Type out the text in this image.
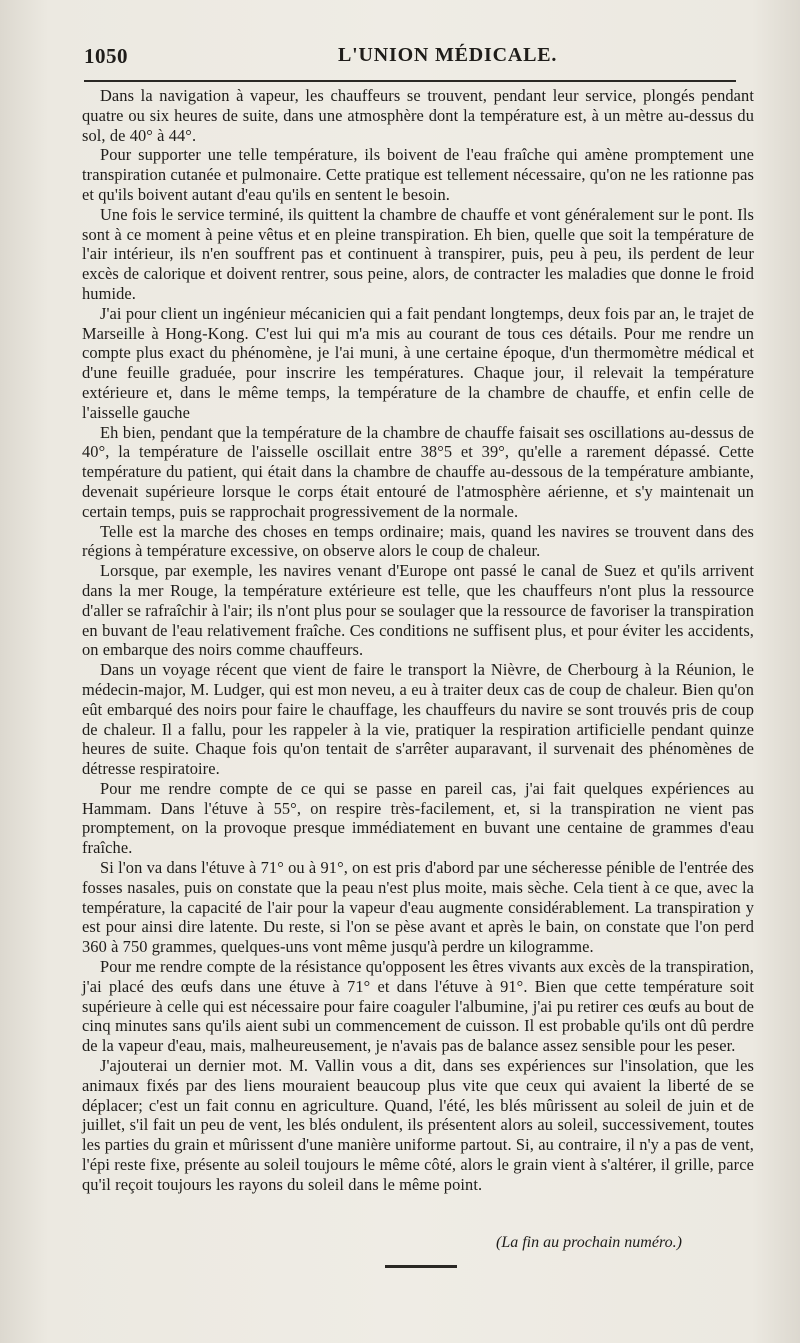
1050	L'UNION MÉDICALE.

Dans la navigation à vapeur, les chauffeurs se trouvent, pendant leur service, plongés pendant quatre ou six heures de suite, dans une atmosphère dont la température est, à un mètre au-dessus du sol, de 40° à 44°.

Pour supporter une telle température, ils boivent de l'eau fraîche qui amène promptement une transpiration cutanée et pulmonaire. Cette pratique est tellement nécessaire, qu'on ne les rationne pas et qu'ils boivent autant d'eau qu'ils en sentent le besoin.

Une fois le service terminé, ils quittent la chambre de chauffe et vont généralement sur le pont. Ils sont à ce moment à peine vêtus et en pleine transpiration. Eh bien, quelle que soit la température de l'air intérieur, ils n'en souffrent pas et continuent à transpirer, puis, peu à peu, ils perdent de leur excès de calorique et doivent rentrer, sous peine, alors, de contracter les maladies que donne le froid humide.

J'ai pour client un ingénieur mécanicien qui a fait pendant longtemps, deux fois par an, le trajet de Marseille à Hong-Kong. C'est lui qui m'a mis au courant de tous ces détails. Pour me rendre un compte plus exact du phénomène, je l'ai muni, à une certaine époque, d'un thermomètre médical et d'une feuille graduée, pour inscrire les températures. Chaque jour, il relevait la température extérieure et, dans le même temps, la température de la chambre de chauffe, et enfin celle de l'aisselle gauche

Eh bien, pendant que la température de la chambre de chauffe faisait ses oscillations au-dessus de 40°, la température de l'aisselle oscillait entre 38°5 et 39°, qu'elle a rarement dépassé. Cette température du patient, qui était dans la chambre de chauffe au-dessous de la température ambiante, devenait supérieure lorsque le corps était entouré de l'atmosphère aérienne, et s'y maintenait un certain temps, puis se rapprochait progressivement de la normale.

Telle est la marche des choses en temps ordinaire; mais, quand les navires se trouvent dans des régions à température excessive, on observe alors le coup de chaleur.

Lorsque, par exemple, les navires venant d'Europe ont passé le canal de Suez et qu'ils arrivent dans la mer Rouge, la température extérieure est telle, que les chauffeurs n'ont plus la ressource d'aller se rafraîchir à l'air; ils n'ont plus pour se soulager que la ressource de favoriser la transpiration en buvant de l'eau relativement fraîche. Ces conditions ne suffisent plus, et pour éviter les accidents, on embarque des noirs comme chauffeurs.

Dans un voyage récent que vient de faire le transport la Nièvre, de Cherbourg à la Réunion, le médecin-major, M. Ludger, qui est mon neveu, a eu à traiter deux cas de coup de chaleur. Bien qu'on eût embarqué des noirs pour faire le chauffage, les chauffeurs du navire se sont trouvés pris de coup de chaleur. Il a fallu, pour les rappeler à la vie, pratiquer la respiration artificielle pendant quinze heures de suite. Chaque fois qu'on tentait de s'arrêter auparavant, il survenait des phénomènes de détresse respiratoire.

Pour me rendre compte de ce qui se passe en pareil cas, j'ai fait quelques expériences au Hammam. Dans l'étuve à 55°, on respire très-facilement, et, si la transpiration ne vient pas promptement, on la provoque presque immédiatement en buvant une centaine de grammes d'eau fraîche.

Si l'on va dans l'étuve à 71° ou à 91°, on est pris d'abord par une sécheresse pénible de l'entrée des fosses nasales, puis on constate que la peau n'est plus moite, mais sèche. Cela tient à ce que, avec la température, la capacité de l'air pour la vapeur d'eau augmente considérablement. La transpiration y est pour ainsi dire latente. Du reste, si l'on se pèse avant et après le bain, on constate que l'on perd 360 à 750 grammes, quelques-uns vont même jusqu'à perdre un kilogramme.

Pour me rendre compte de la résistance qu'opposent les êtres vivants aux excès de la transpiration, j'ai placé des œufs dans une étuve à 71° et dans l'étuve à 91°. Bien que cette température soit supérieure à celle qui est nécessaire pour faire coaguler l'albumine, j'ai pu retirer ces œufs au bout de cinq minutes sans qu'ils aient subi un commencement de cuisson. Il est probable qu'ils ont dû perdre de la vapeur d'eau, mais, malheureusement, je n'avais pas de balance assez sensible pour les peser.

J'ajouterai un dernier mot. M. Vallin vous a dit, dans ses expériences sur l'insolation, que les animaux fixés par des liens mouraient beaucoup plus vite que ceux qui avaient la liberté de se déplacer; c'est un fait connu en agriculture. Quand, l'été, les blés mûrissent au soleil de juin et de juillet, s'il fait un peu de vent, les blés ondulent, ils présentent alors au soleil, successivement, toutes les parties du grain et mûrissent d'une manière uniforme partout. Si, au contraire, il n'y a pas de vent, l'épi reste fixe, présente au soleil toujours le même côté, alors le grain vient à s'altérer, il grille, parce qu'il reçoit toujours les rayons du soleil dans le même point.

(La fin au prochain numéro.)
